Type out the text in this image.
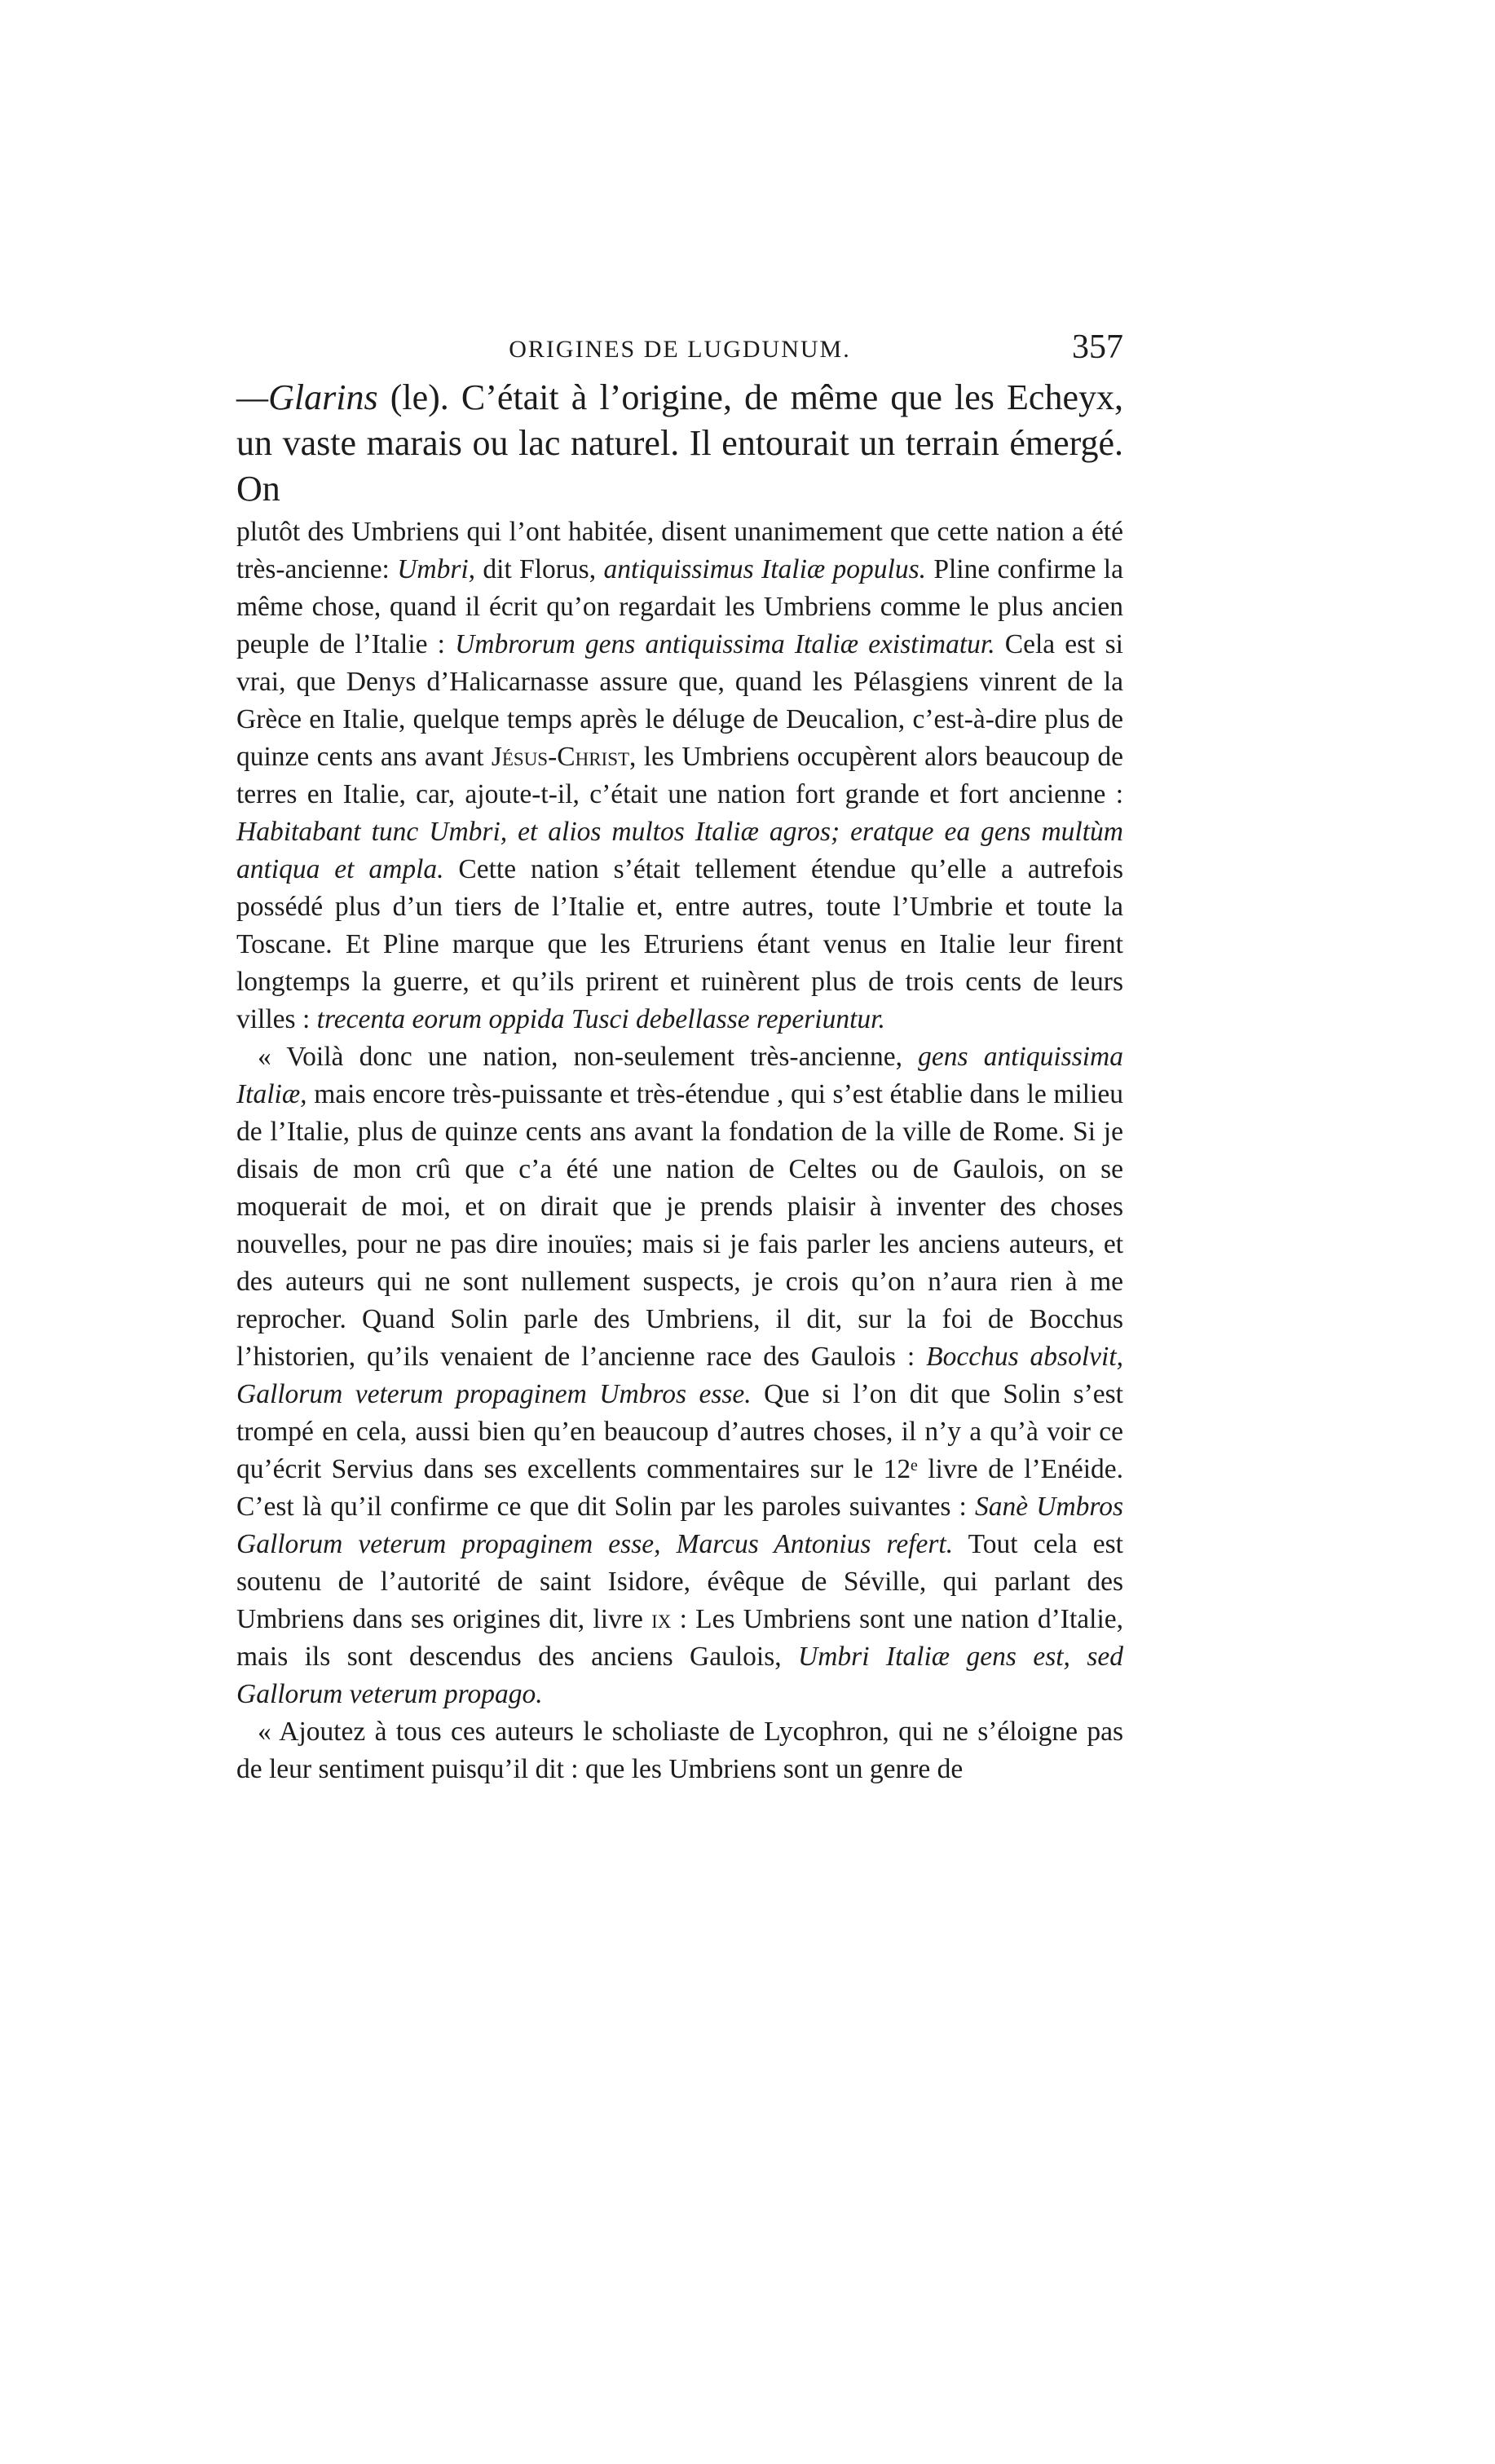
ORIGINES DE LUGDUNUM.	357

—Glarins (le). C’était à l’origine, de même que les Echeyx, un vaste marais ou lac naturel. Il entourait un terrain émergé. On

plutôt des Umbriens qui l’ont habitée, disent unanimement que cette nation a été très-ancienne: Umbri, dit Florus, antiquissimus Italiæ populus. Pline confirme la même chose, quand il écrit qu’on regardait les Umbriens comme le plus ancien peuple de l’Italie : Umbrorum gens antiquissima Italiæ existimatur. Cela est si vrai, que Denys d’Halicarnasse assure que, quand les Pélasgiens vinrent de la Grèce en Italie, quelque temps après le déluge de Deucalion, c’est-à-dire plus de quinze cents ans avant Jésus-Christ, les Umbriens occupèrent alors beaucoup de terres en Italie, car, ajoute-t-il, c’était une nation fort grande et fort ancienne : Habitabant tunc Umbri, et alios multos Italiæ agros; eratque ea gens multùm antiqua et ampla. Cette nation s’était tellement étendue qu’elle a autrefois possédé plus d’un tiers de l’Italie et, entre autres, toute l’Umbrie et toute la Toscane. Et Pline marque que les Etruriens étant venus en Italie leur firent longtemps la guerre, et qu’ils prirent et ruinèrent plus de trois cents de leurs villes : trecenta eorum oppida Tusci debellasse reperiuntur.

« Voilà donc une nation, non-seulement très-ancienne, gens antiquissima Italiæ, mais encore très-puissante et très-étendue , qui s’est établie dans le milieu de l’Italie, plus de quinze cents ans avant la fondation de la ville de Rome. Si je disais de mon crû que c’a été une nation de Celtes ou de Gaulois, on se moquerait de moi, et on dirait que je prends plaisir à inventer des choses nouvelles, pour ne pas dire inouïes; mais si je fais parler les anciens auteurs, et des auteurs qui ne sont nullement suspects, je crois qu’on n’aura rien à me reprocher. Quand Solin parle des Umbriens, il dit, sur la foi de Bocchus l’historien, qu’ils venaient de l’ancienne race des Gaulois : Bocchus absolvit, Gallorum veterum propaginem Umbros esse. Que si l’on dit que Solin s’est trompé en cela, aussi bien qu’en beaucoup d’autres choses, il n’y a qu’à voir ce qu’écrit Servius dans ses excellents commentaires sur le 12ᵉ livre de l’Enéide. C’est là qu’il confirme ce que dit Solin par les paroles suivantes : Sanè Umbros Gallorum veterum propaginem esse, Marcus Antonius refert. Tout cela est soutenu de l’autorité de saint Isidore, évêque de Séville, qui parlant des Umbriens dans ses origines dit, livre ix : Les Umbriens sont une nation d’Italie, mais ils sont descendus des anciens Gaulois, Umbri Italiæ gens est, sed Gallorum veterum propago.

« Ajoutez à tous ces auteurs le scholiaste de Lycophron, qui ne s’éloigne pas de leur sentiment puisqu’il dit : que les Umbriens sont un genre de
